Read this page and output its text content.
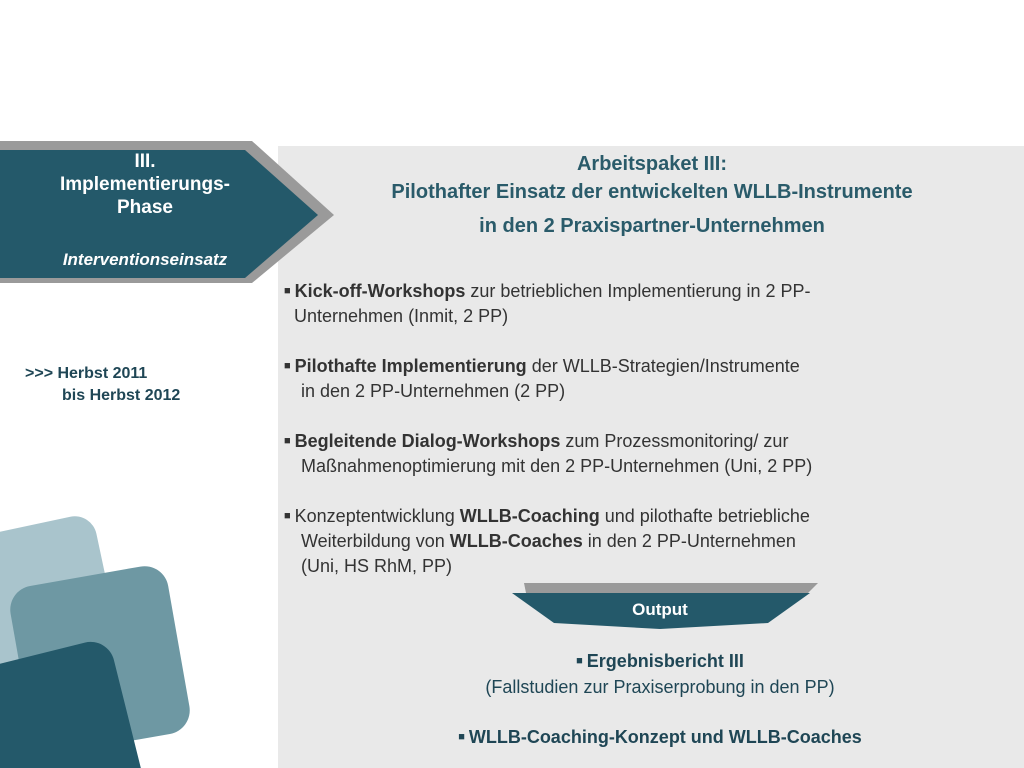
III.
Implementierungs-
Phase
Interventionseinsatz
>>> Herbst 2011
bis Herbst 2012
Arbeitspaket III:
Pilothafter Einsatz der entwickelten WLLB-Instrumente
in den 2 Praxispartner-Unternehmen
■ Kick-off-Workshops zur betrieblichen Implementierung in 2 PP-
Unternehmen (Inmit, 2 PP)
■ Pilothafte Implementierung der WLLB-Strategien/Instrumente
in den 2 PP-Unternehmen (2 PP)
■ Begleitende Dialog-Workshops zum Prozessmonitoring/ zur
Maßnahmenoptimierung mit den 2 PP-Unternehmen (Uni, 2 PP)
■ Konzeptentwicklung WLLB-Coaching und pilothafte betriebliche
Weiterbildung von WLLB-Coaches in den 2 PP-Unternehmen
(Uni, HS RhM, PP)
Output
■ Ergebnisbericht III
(Fallstudien zur Praxiserprobung in den PP)
■ WLLB-Coaching-Konzept und WLLB-Coaches
